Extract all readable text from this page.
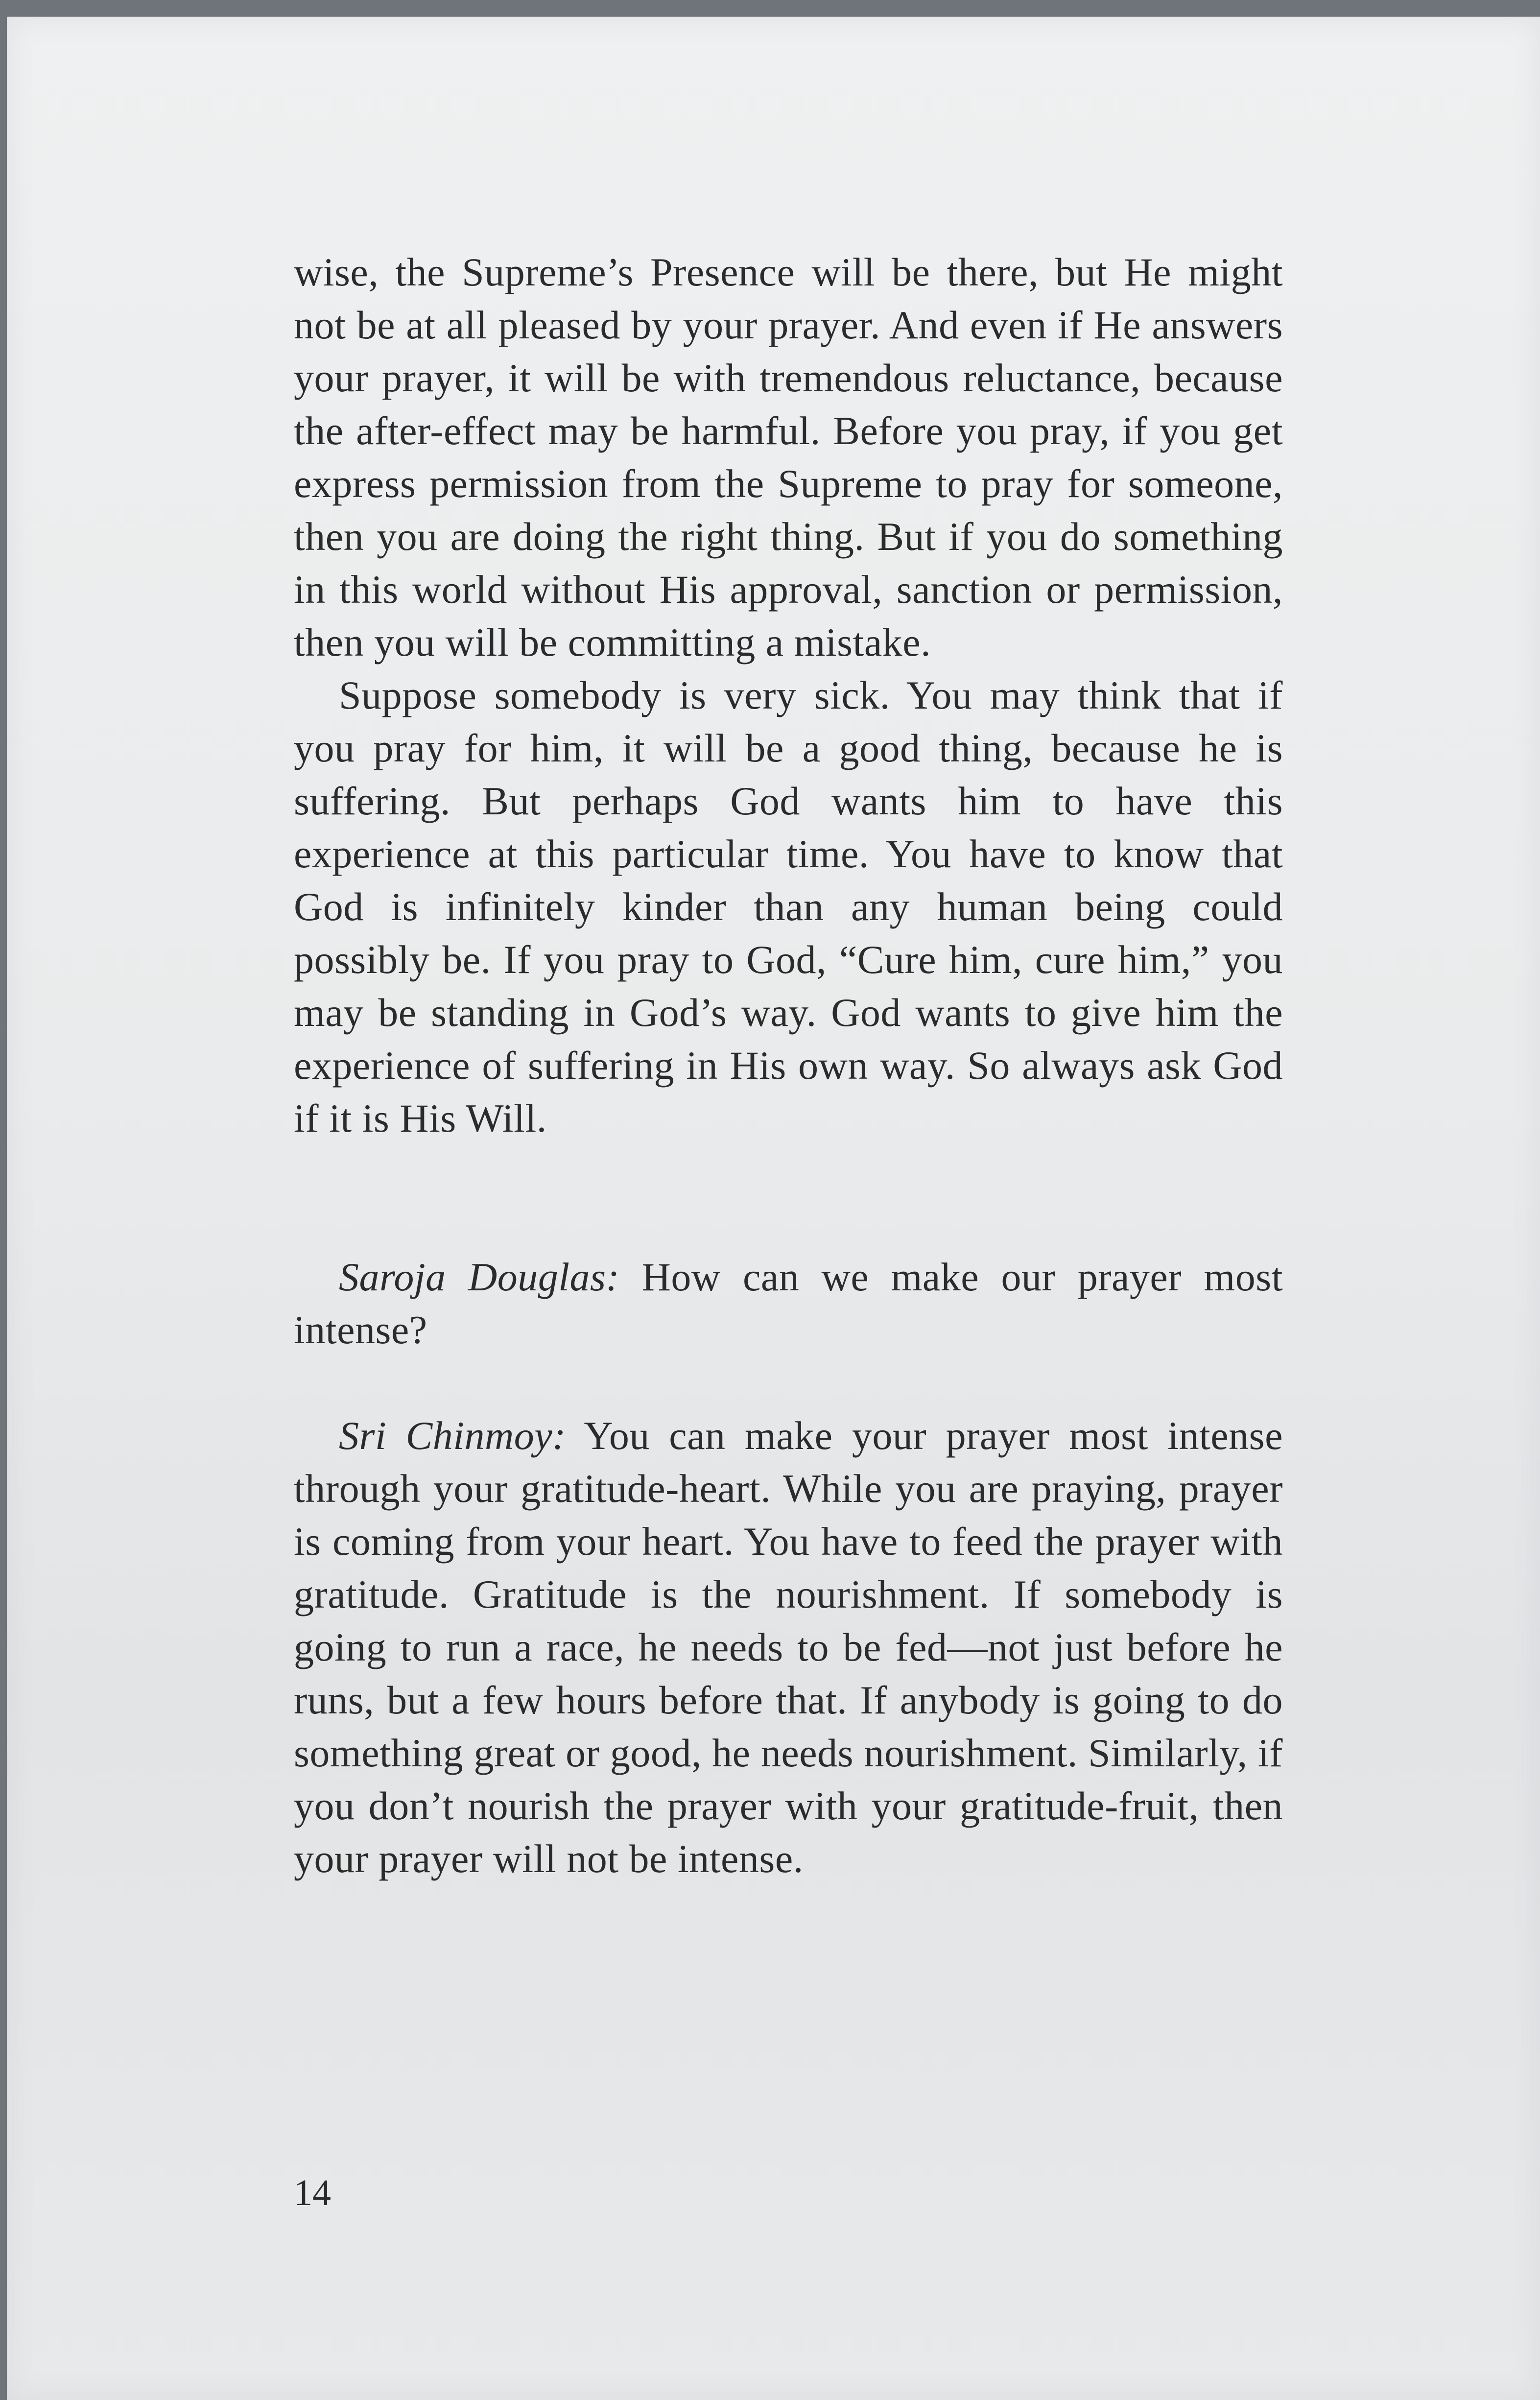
wise, the Supreme’s Presence will be there, but He might not be at all pleased by your prayer. And even if He answers your prayer, it will be with tremendous reluctance, because the after-effect may be harmful. Before you pray, if you get express permission from the Supreme to pray for someone, then you are doing the right thing. But if you do something in this world without His approval, sanction or permission, then you will be committing a mistake.

Suppose somebody is very sick. You may think that if you pray for him, it will be a good thing, because he is suffering. But perhaps God wants him to have this experience at this particular time. You have to know that God is infinitely kinder than any human being could possibly be. If you pray to God, “Cure him, cure him,” you may be standing in God’s way. God wants to give him the experience of suffering in His own way. So always ask God if it is His Will.

Saroja Douglas: How can we make our prayer most intense?

Sri Chinmoy: You can make your prayer most intense through your gratitude-heart. While you are praying, prayer is coming from your heart. You have to feed the prayer with gratitude. Gratitude is the nourishment. If somebody is going to run a race, he needs to be fed—not just before he runs, but a few hours before that. If anybody is going to do something great or good, he needs nourishment. Similarly, if you don’t nourish the prayer with your gratitude-fruit, then your prayer will not be intense.

14
